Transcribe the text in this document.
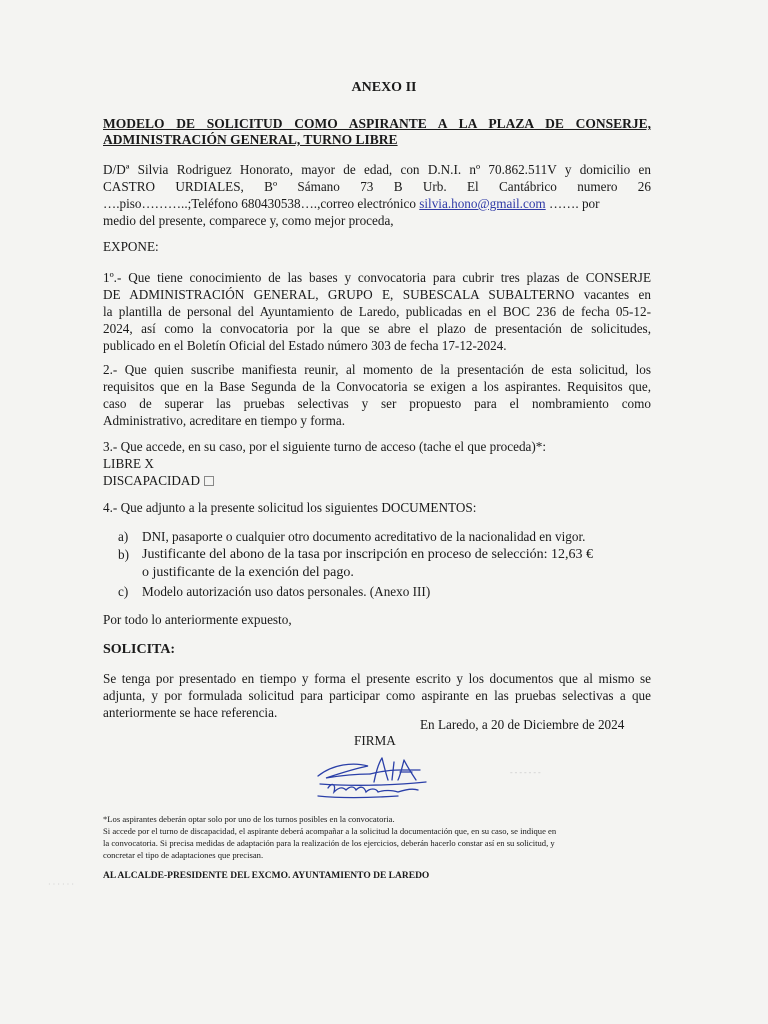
ANEXO II
MODELO DE SOLICITUD COMO ASPIRANTE A LA PLAZA DE CONSERJE,
ADMINISTRACIÓN GENERAL, TURNO LIBRE
D/Dª Silvia Rodriguez Honorato, mayor de edad, con D.N.I. nº 70.862.511V y domicilio en
CASTRO URDIALES, Bº Sámano 73 B Urb. El Cantábrico numero 26
….piso………..;Teléfono 680430538….,correo electrónico silvia.hono@gmail.com ……. por
medio del presente, comparece y, como mejor proceda,
EXPONE:
1º.- Que tiene conocimiento de las bases y convocatoria para cubrir tres plazas de CONSERJE
DE ADMINISTRACIÓN GENERAL, GRUPO E, SUBESCALA SUBALTERNO vacantes en
la plantilla de personal del Ayuntamiento de Laredo, publicadas en el BOC 236 de fecha 05-12-
2024, así como la convocatoria por la que se abre el plazo de presentación de solicitudes,
publicado en el Boletín Oficial del Estado número 303 de fecha 17-12-2024.
2.- Que quien suscribe manifiesta reunir, al momento de la presentación de esta solicitud, los
requisitos que en la Base Segunda de la Convocatoria se exigen a los aspirantes. Requisitos que,
caso de superar las pruebas selectivas y ser propuesto para el nombramiento como
Administrativo, acreditare en tiempo y forma.
3.- Que accede, en su caso, por el siguiente turno de acceso (tache el que proceda)*:
LIBRE X
DISCAPACIDAD
4.- Que adjunto a la presente solicitud los siguientes DOCUMENTOS:
a) DNI, pasaporte o cualquier otro documento acreditativo de la nacionalidad en vigor.
b) Justificante del abono de la tasa por inscripción en proceso de selección: 12,63 €
o justificante de la exención del pago.
c) Modelo autorización uso datos personales. (Anexo III)
Por todo lo anteriormente expuesto,
SOLICITA:
Se tenga por presentado en tiempo y forma el presente escrito y los documentos que al mismo se
adjunta, y por formulada solicitud para participar como aspirante en las pruebas selectivas a que
anteriormente se hace referencia.
En Laredo, a 20 de Diciembre de 2024
FIRMA
- - - - - - -
· · · · · ·
*Los aspirantes deberán optar solo por uno de los turnos posibles en la convocatoria.
Si accede por el turno de discapacidad, el aspirante deberá acompañar a la solicitud la documentación que, en su caso, se indique en
la convocatoria. Si precisa medidas de adaptación para la realización de los ejercicios, deberán hacerlo constar así en su solicitud, y
concretar el tipo de adaptaciones que precisan.
AL ALCALDE-PRESIDENTE DEL EXCMO. AYUNTAMIENTO DE LAREDO
